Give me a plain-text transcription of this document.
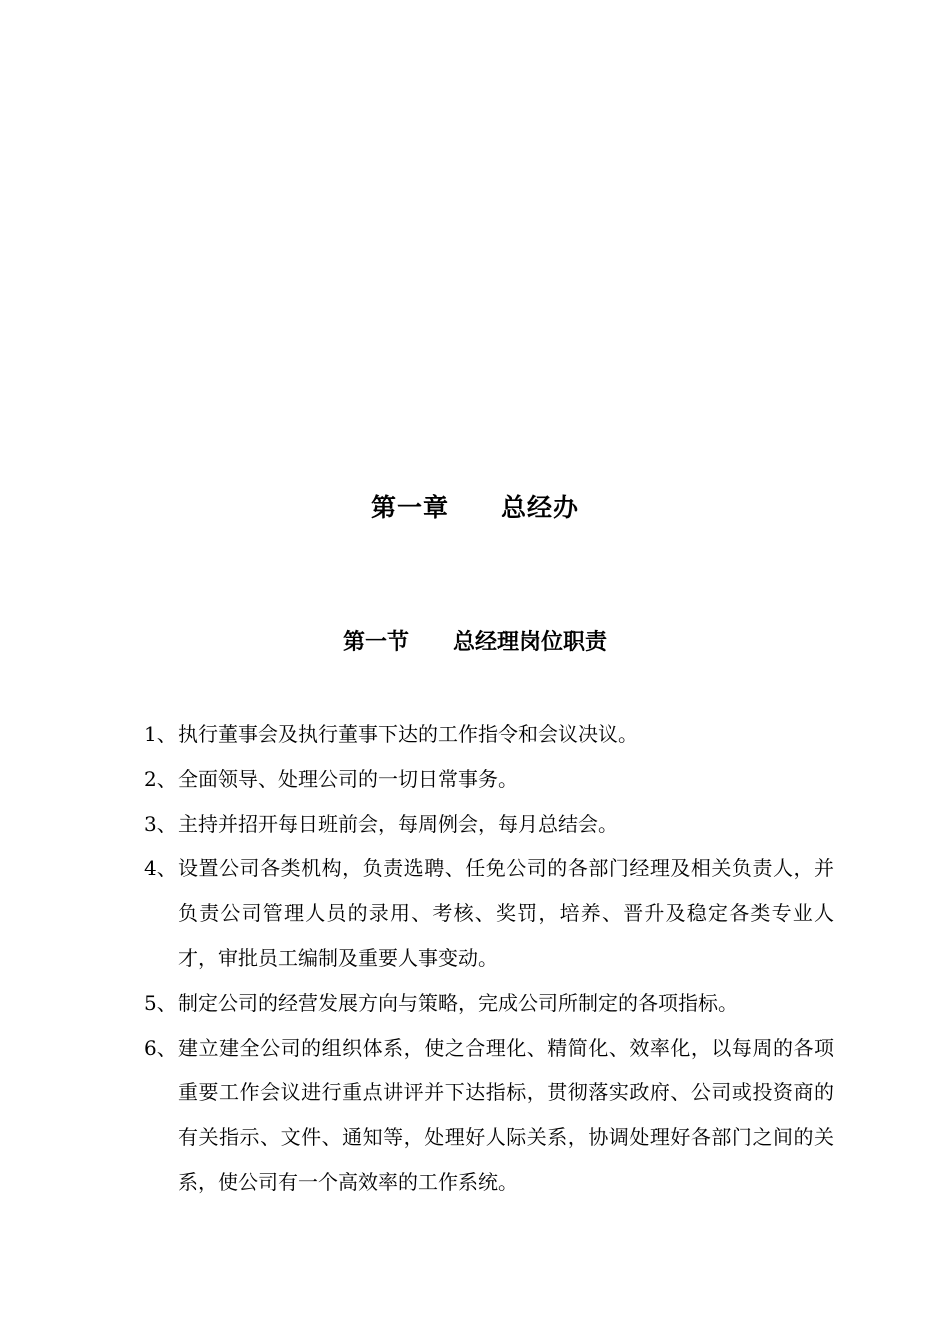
第一章　　总经办
第一节　　总经理岗位职责
1、 执行董事会及执行董事下达的工作指令和会议决议。
2、 全面领导、处理公司的一切日常事务。
3、 主持并招开每日班前会，每周例会，每月总结会。
4、 设置公司各类机构，负责选聘、任免公司的各部门经理及相关负责人，并负责公司管理人员的录用、考核、奖罚，培养、晋升及稳定各类专业人才，审批员工编制及重要人事变动。
5、 制定公司的经营发展方向与策略，完成公司所制定的各项指标。
6、 建立建全公司的组织体系，使之合理化、精简化、效率化，以每周的各项重要工作会议进行重点讲评并下达指标，贯彻落实政府、公司或投资商的有关指示、文件、通知等，处理好人际关系，协调处理好各部门之间的关系，使公司有一个高效率的工作系统。
